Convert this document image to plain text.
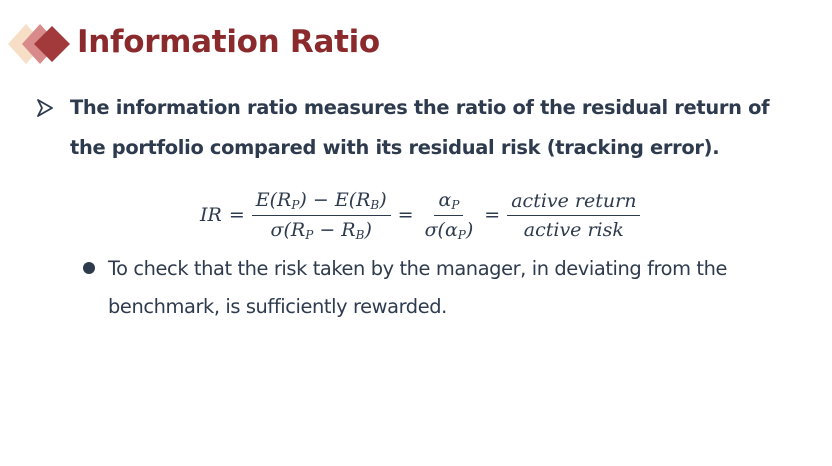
Information Ratio

The information ratio measures the ratio of the residual return of the portfolio compared with its residual risk (tracking error).

IR = $\frac{E(R_P) - E(R_B)}{\sigma(R_P - R_B)} = \frac{\alpha_P}{\sigma(\alpha_P)} = \frac{\text{active return}}{\text{active risk}}$

To check that the risk taken by the manager, in deviating from the benchmark, is sufficiently rewarded.
